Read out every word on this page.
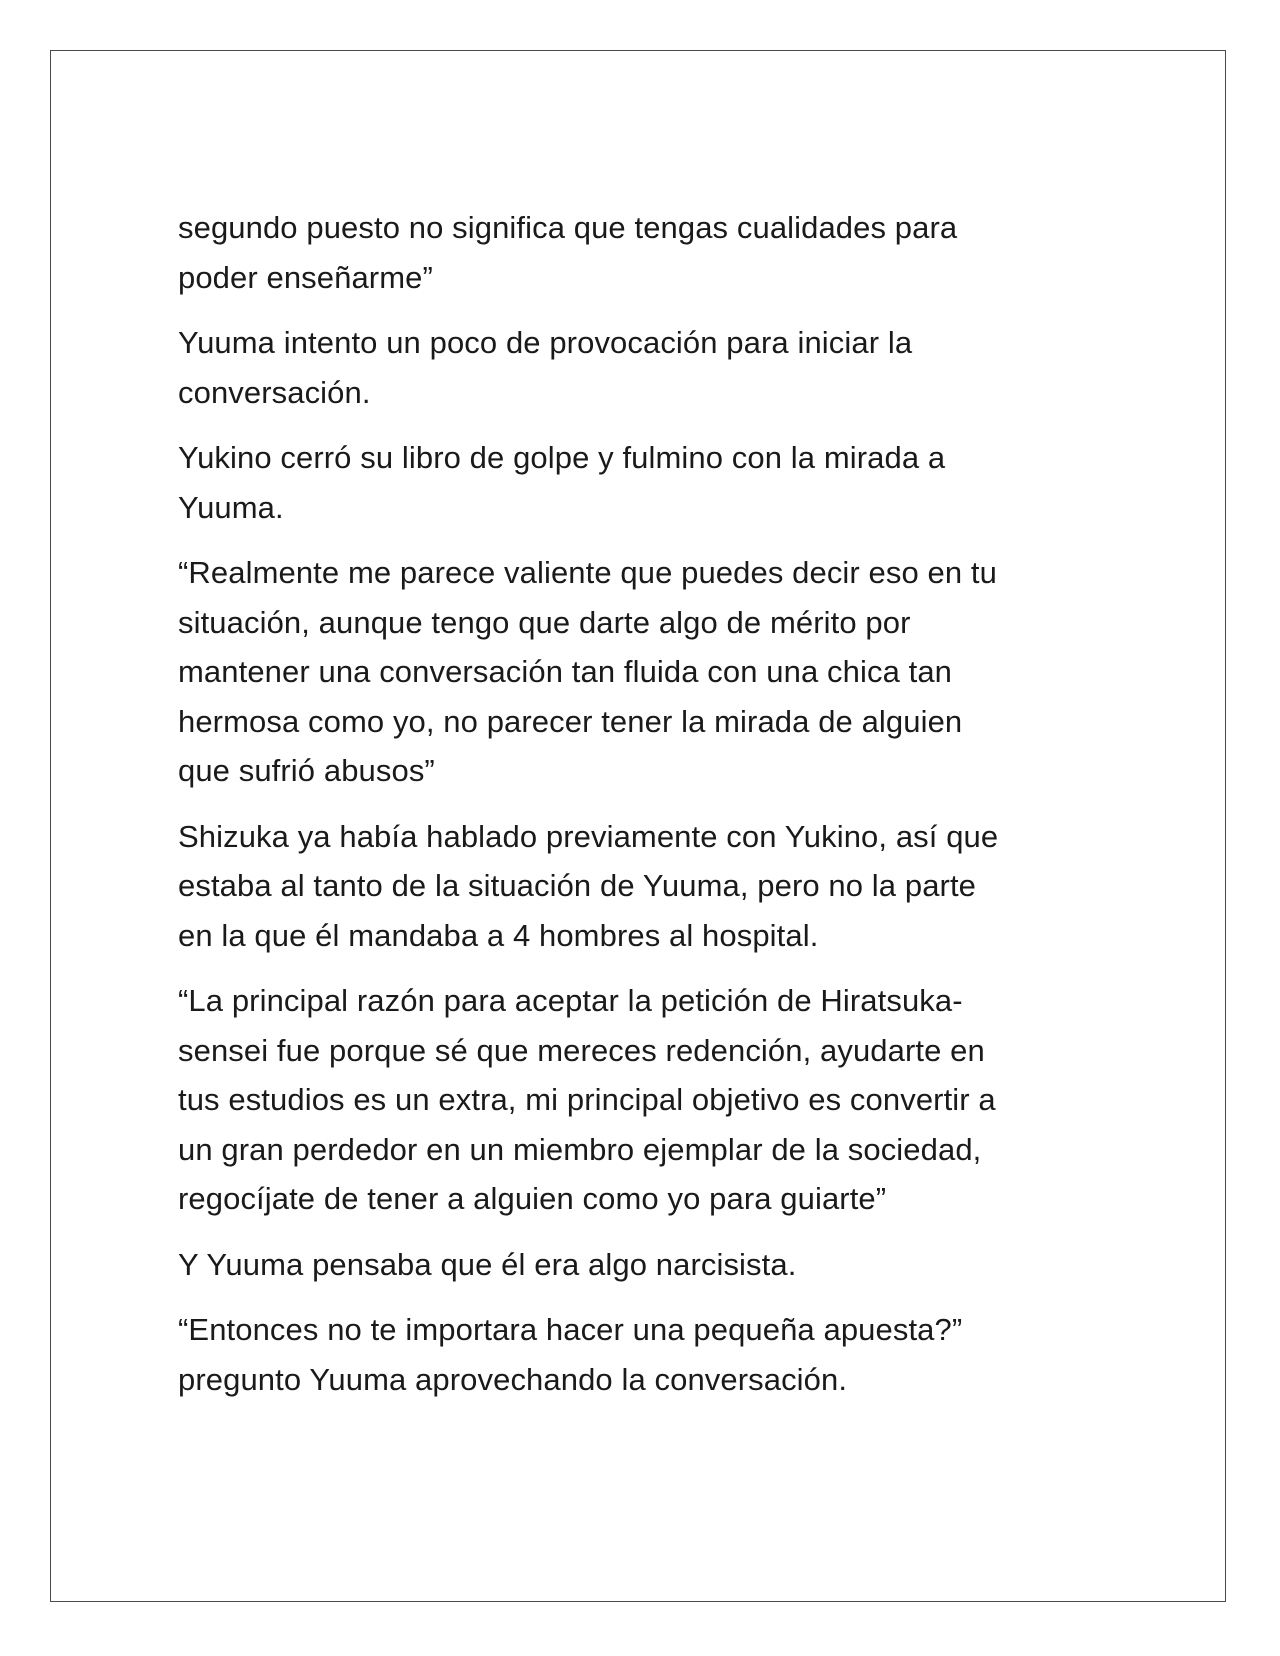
segundo puesto no significa que tengas cualidades para
poder enseñarme”

Yuuma intento un poco de provocación para iniciar la
conversación.

Yukino cerró su libro de golpe y fulmino con la mirada a
Yuuma.

“Realmente me parece valiente que puedes decir eso en tu
situación, aunque tengo que darte algo de mérito por
mantener una conversación tan fluida con una chica tan
hermosa como yo, no parecer tener la mirada de alguien
que sufrió abusos”

Shizuka ya había hablado previamente con Yukino, así que
estaba al tanto de la situación de Yuuma, pero no la parte
en la que él mandaba a 4 hombres al hospital.

“La principal razón para aceptar la petición de Hiratsuka-
sensei fue porque sé que mereces redención, ayudarte en
tus estudios es un extra, mi principal objetivo es convertir a
un gran perdedor en un miembro ejemplar de la sociedad,
regocíjate de tener a alguien como yo para guiarte”

Y Yuuma pensaba que él era algo narcisista.

“Entonces no te importara hacer una pequeña apuesta?”
pregunto Yuuma aprovechando la conversación.
